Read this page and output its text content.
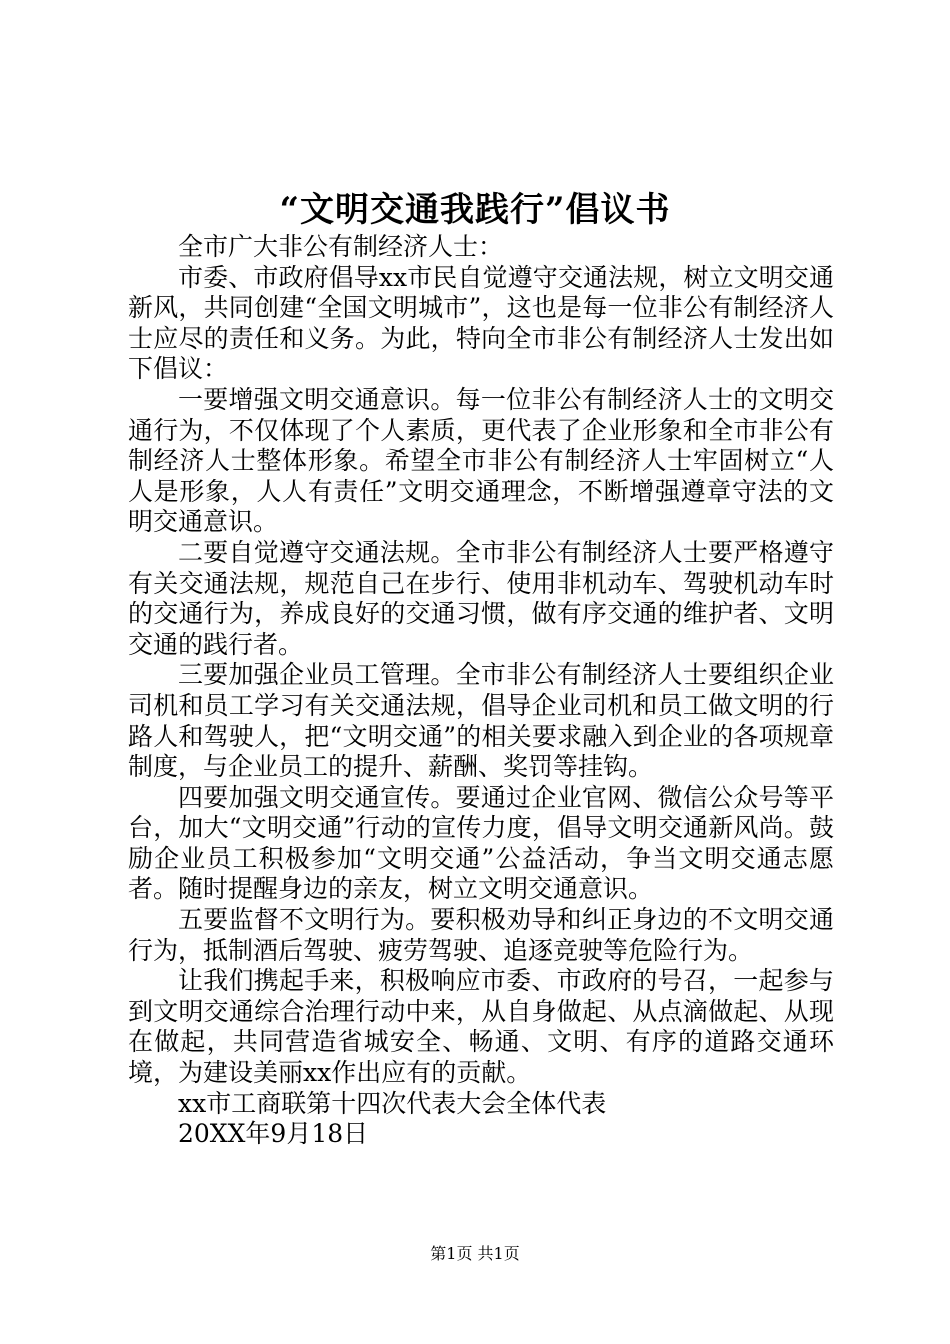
“文明交通我践行”倡议书

全市广大非公有制经济人士：

市委、市政府倡导xx市民自觉遵守交通法规，树立文明交通新风，共同创建“全国文明城市”，这也是每一位非公有制经济人士应尽的责任和义务。为此，特向全市非公有制经济人士发出如下倡议：

一要增强文明交通意识。每一位非公有制经济人士的文明交通行为，不仅体现了个人素质，更代表了企业形象和全市非公有制经济人士整体形象。希望全市非公有制经济人士牢固树立“人人是形象，人人有责任”文明交通理念，不断增强遵章守法的文明交通意识。

二要自觉遵守交通法规。全市非公有制经济人士要严格遵守有关交通法规，规范自己在步行、使用非机动车、驾驶机动车时的交通行为，养成良好的交通习惯，做有序交通的维护者、文明交通的践行者。

三要加强企业员工管理。全市非公有制经济人士要组织企业司机和员工学习有关交通法规，倡导企业司机和员工做文明的行路人和驾驶人，把“文明交通”的相关要求融入到企业的各项规章制度，与企业员工的提升、薪酬、奖罚等挂钩。

四要加强文明交通宣传。要通过企业官网、微信公众号等平台，加大“文明交通”行动的宣传力度，倡导文明交通新风尚。鼓励企业员工积极参加“文明交通”公益活动，争当文明交通志愿者。随时提醒身边的亲友，树立文明交通意识。

五要监督不文明行为。要积极劝导和纠正身边的不文明交通行为，抵制酒后驾驶、疲劳驾驶、追逐竞驶等危险行为。

让我们携起手来，积极响应市委、市政府的号召，一起参与到文明交通综合治理行动中来，从自身做起、从点滴做起、从现在做起，共同营造省城安全、畅通、文明、有序的道路交通环境，为建设美丽xx作出应有的贡献。

xx市工商联第十四次代表大会全体代表

20XX年9月18日

第1页 共1页
